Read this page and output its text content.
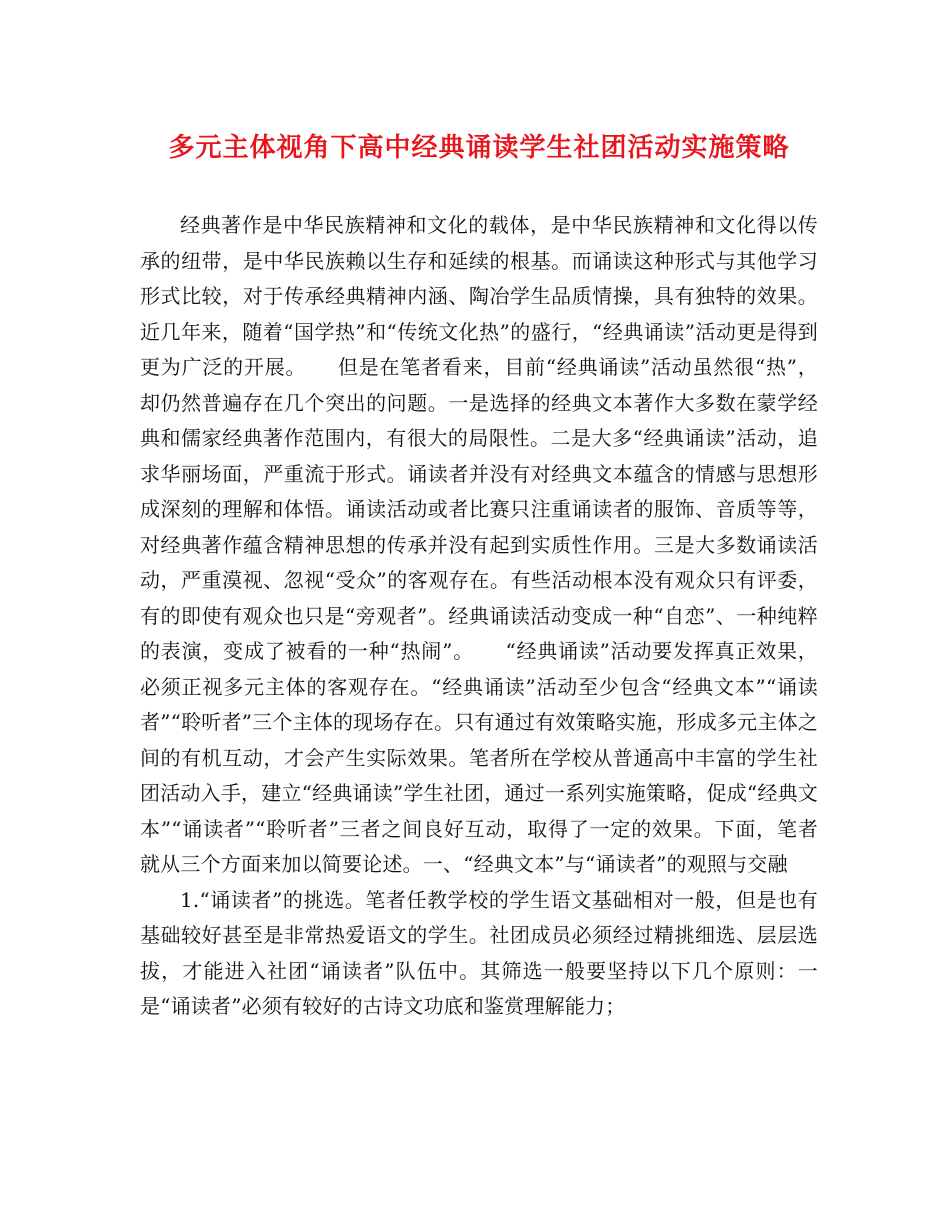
多元主体视角下高中经典诵读学生社团活动实施策略

经典著作是中华民族精神和文化的载体，是中华民族精神和文化得以传承的纽带，是中华民族赖以生存和延续的根基。而诵读这种形式与其他学习形式比较，对于传承经典精神内涵、陶冶学生品质情操，具有独特的效果。近几年来，随着“国学热”和“传统文化热”的盛行，“经典诵读”活动更是得到更为广泛的开展。　　但是在笔者看来，目前“经典诵读”活动虽然很“热”，却仍然普遍存在几个突出的问题。一是选择的经典文本著作大多数在蒙学经典和儒家经典著作范围内，有很大的局限性。二是大多“经典诵读”活动，追求华丽场面，严重流于形式。诵读者并没有对经典文本蕴含的情感与思想形成深刻的理解和体悟。诵读活动或者比赛只注重诵读者的服饰、音质等等，对经典著作蕴含精神思想的传承并没有起到实质性作用。三是大多数诵读活动，严重漠视、忽视“受众”的客观存在。有些活动根本没有观众只有评委，有的即使有观众也只是“旁观者”。经典诵读活动变成一种“自恋”、一种纯粹的表演，变成了被看的一种“热闹”。　　“经典诵读”活动要发挥真正效果，必须正视多元主体的客观存在。“经典诵读”活动至少包含“经典文本”“诵读者”“聆听者”三个主体的现场存在。只有通过有效策略实施，形成多元主体之间的有机互动，才会产生实际效果。笔者所在学校从普通高中丰富的学生社团活动入手，建立“经典诵读”学生社团，通过一系列实施策略，促成“经典文本”“诵读者”“聆听者”三者之间良好互动，取得了一定的效果。下面，笔者就从三个方面来加以简要论述。一、“经典文本”与“诵读者”的观照与交融

1.“诵读者”的挑选。笔者任教学校的学生语文基础相对一般，但是也有基础较好甚至是非常热爱语文的学生。社团成员必须经过精挑细选、层层选拔，才能进入社团“诵读者”队伍中。其筛选一般要坚持以下几个原则：一是“诵读者”必须有较好的古诗文功底和鉴赏理解能力；
